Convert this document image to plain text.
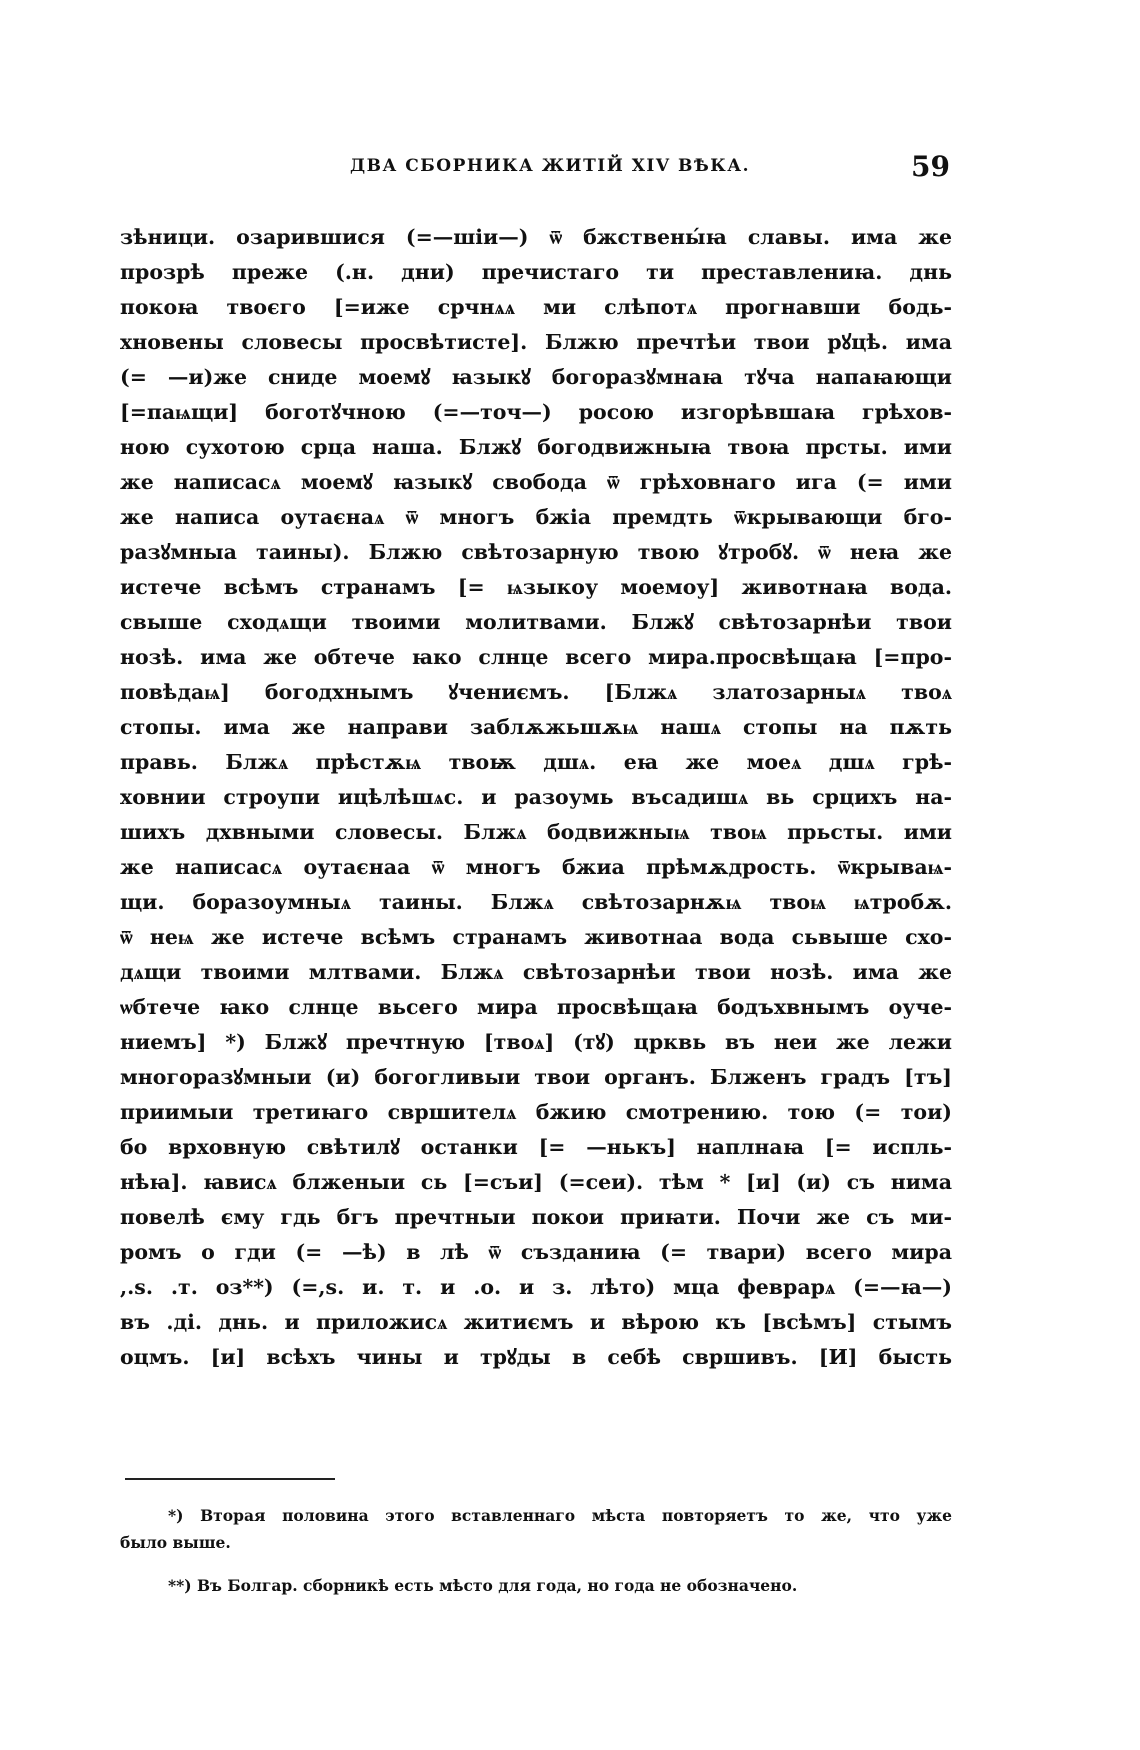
ДВА СБОРНИКА ЖИТІЙ XIV ВѢКА.	59
зѣници. озарившися (=—шіи—) ѿ бжствены́ꙗ славы. има же
прозрѣ преже (.н. дни) пречистаго ти преставлениꙗ. днь
покоꙗ твоєго [=иже срчнѧѧ ми слѣпотѧ прогнавши бодь-
хновены словесы просвѣтисте]. Блжю пречтѣи твои рꙋцѣ. има
(= —и)же сниде моемꙋ ꙗзыкꙋ богоразꙋмнаꙗ тꙋча напаꙗющи
[=паѩщи] боготꙋчною (=—точ—) росою изгорѣвшаꙗ грѣхов-
ною сухотою срца наша. Блжꙋ богодвижныꙗ твоꙗ прсты. ими
же написасѧ моемꙋ ꙗзыкꙋ свобода ѿ грѣховнаго ига (= ими
же написа оутаєнаѧ ѿ многъ бжіа премдть ѿкрывающи бго-
разꙋмныа таины). Блжю свѣтозарную твою ꙋтробꙋ. ѿ неꙗ же
истече всѣмъ странамъ [= ѩзыкоу моемоу] животнаꙗ вода.
свыше сходѧщи твоими молитвами. Блжꙋ свѣтозарнѣи твои
нозѣ. има же обтече ꙗко слнце всего мира.просвѣщаꙗ [=про-
повѣдаѩ] богодхнымъ ꙋчениємъ. [Блжѧ златозарныѧ твоѧ
стопы. има же направи заблѫжьшѫѩ нашѧ стопы на пѫть
правь. Блжѧ прѣстѫѩ твоѭ дшѧ. еꙗ же моеѧ дшѧ грѣ-
ховнии строупи ицѣлѣшѧс. и разоумь въсадишѧ вь срцихъ на-
шихъ дхвными словесы. Блжѧ бодвижныѩ твоѩ прьсты. ими
же написасѧ оутаєнаа ѿ многъ бжиа прѣмѫдрость. ѿкрываѩ-
щи. боразоумныѧ таины. Блжѧ свѣтозарнѫѩ твоѩ ѩтробѫ.
ѿ неѩ же истече всѣмъ странамъ животнаа вода сьвыше схо-
дѧщи твоими млтвами. Блжѧ свѣтозарнѣи твои нозѣ. има же
ѡбтече ꙗко слнце вьсего мира просвѣщаꙗ бодъхвнымъ оуче-
ниемъ] *) Блжꙋ пречтную [твоѧ] (тꙋ) црквь въ неи же лежи
многоразꙋмныи (и) богогливыи твои органъ. Блженъ градъ [тъ]
приимыи третиꙗго свршителѧ бжию смотрению. тою (= тои)
бо врховную свѣтилꙋ останки [= —нькъ] наплнаꙗ [= испль-
нѣꙗ]. ꙗвисѧ блженыи сь [=съи] (=сеи). тѣм * [и] (и) съ нима
повелѣ єму гдь бгъ пречтныи покои приꙗти. Почи же съ ми-
ромъ о гди (= —ѣ) в лѣ ѿ създаниꙗ (= твари) всего мира
,.s. .т. оз**) (=,s. и. т. и .о. и з. лѣто) мца феврарѧ (=—ꙗ—)
въ .ді. днь. и приложисѧ житиємъ и вѣрою къ [всѣмъ] стымъ
оцмъ. [и] всѣхъ чины и трꙋды в себѣ свршивъ. [И] бысть
*) Вторая половина этого вставленнаго мѣста повторяетъ то же, что уже
было выше.
**) Въ Болгар. сборникѣ есть мѣсто для года, но года не обозначено.
